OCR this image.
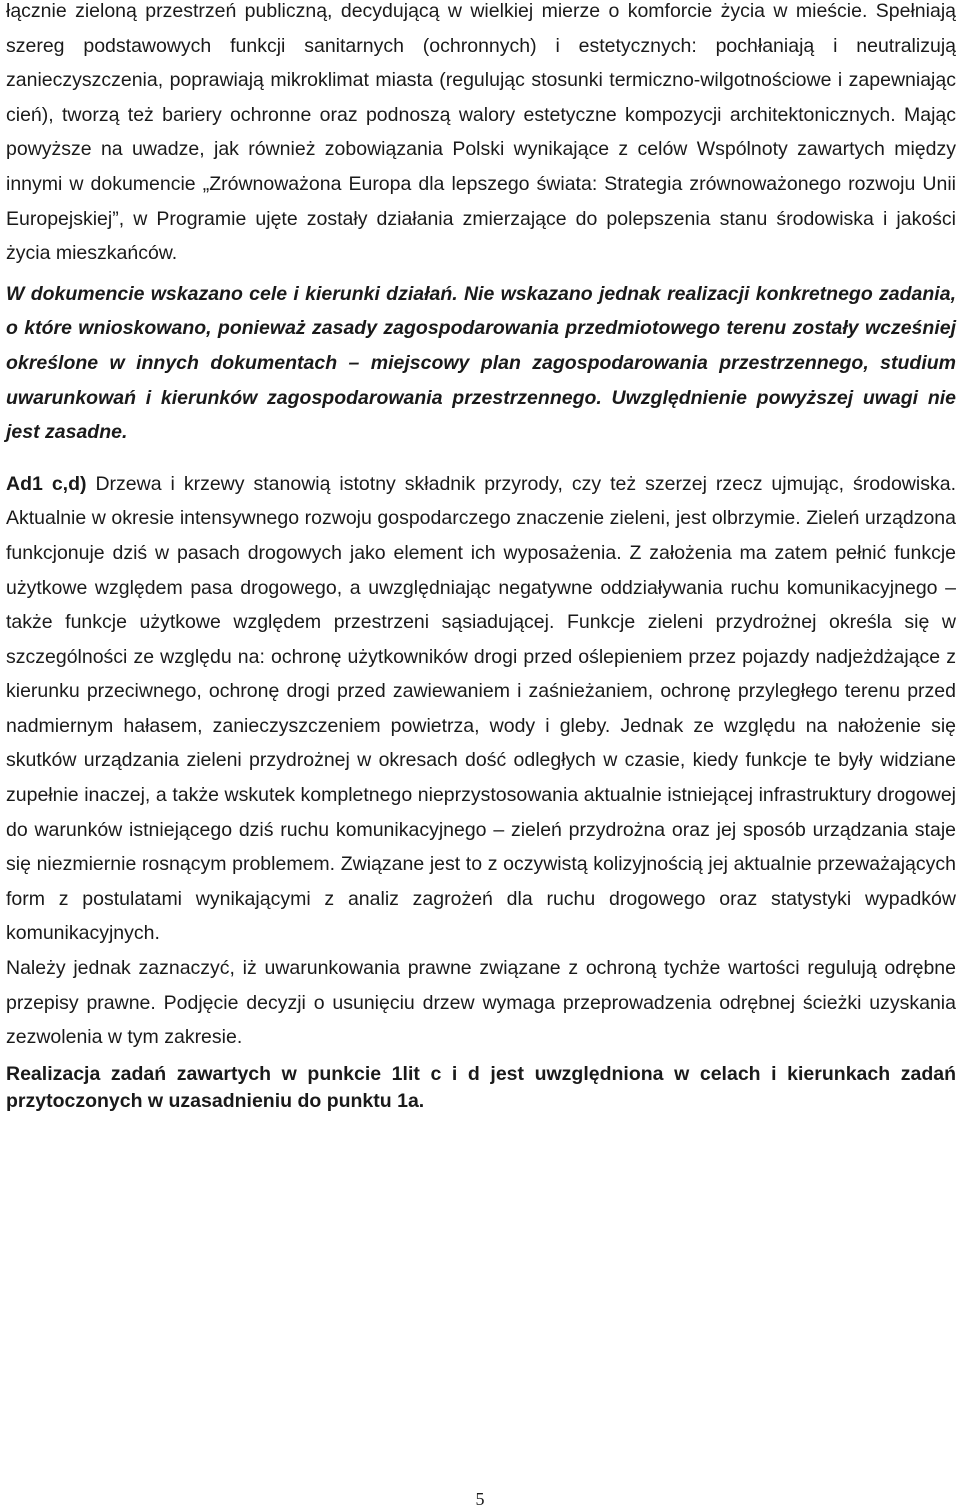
łącznie zieloną przestrzeń publiczną, decydującą w wielkiej mierze o komforcie życia w mieście. Spełniają szereg podstawowych funkcji sanitarnych (ochronnych) i estetycznych: pochłaniają i neutralizują zanieczyszczenia, poprawiają mikroklimat miasta (regulując stosunki termiczno-wilgotnościowe i zapewniając cień), tworzą też bariery ochronne oraz podnoszą walory estetyczne kompozycji architektonicznych. Mając powyższe na uwadze, jak również zobowiązania Polski wynikające z celów Wspólnoty zawartych między innymi w dokumencie „Zrównoważona Europa dla lepszego świata: Strategia zrównoważonego rozwoju Unii Europejskiej”, w Programie ujęte zostały działania zmierzające do polepszenia stanu środowiska i jakości życia mieszkańców.

W dokumencie wskazano cele i kierunki działań. Nie wskazano jednak realizacji konkretnego zadania, o które wnioskowano, ponieważ zasady zagospodarowania przedmiotowego terenu zostały wcześniej określone w innych dokumentach – miejscowy plan zagospodarowania przestrzennego, studium uwarunkowań i kierunków zagospodarowania przestrzennego. Uwzględnienie powyższej uwagi nie jest zasadne.

Ad1 c,d) Drzewa i krzewy stanowią istotny składnik przyrody, czy też szerzej rzecz ujmując, środowiska. Aktualnie w okresie intensywnego rozwoju gospodarczego znaczenie zieleni, jest olbrzymie. Zieleń urządzona funkcjonuje dziś w pasach drogowych jako element ich wyposażenia. Z założenia ma zatem pełnić funkcje użytkowe względem pasa drogowego, a uwzględniając negatywne oddziaływania ruchu komunikacyjnego – także funkcje użytkowe względem przestrzeni sąsiadującej. Funkcje zieleni przydrożnej określa się w szczególności ze względu na: ochronę użytkowników drogi przed oślepieniem przez pojazdy nadjeżdżające z kierunku przeciwnego, ochronę drogi przed zawiewaniem i zaśnieżaniem, ochronę przyległego terenu przed nadmiernym hałasem, zanieczyszczeniem powietrza, wody i gleby. Jednak ze względu na nałożenie się skutków urządzania zieleni przydrożnej w okresach dość odległych w czasie, kiedy funkcje te były widziane zupełnie inaczej, a także wskutek kompletnego nieprzystosowania aktualnie istniejącej infrastruktury drogowej do warunków istniejącego dziś ruchu komunikacyjnego – zieleń przydrożna oraz jej sposób urządzania staje się niezmiernie rosnącym problemem. Związane jest to z oczywistą kolizyjnością jej aktualnie przeważających form z postulatami wynikającymi z analiz zagrożeń dla ruchu drogowego oraz statystyki wypadków komunikacyjnych.

Należy jednak zaznaczyć, iż uwarunkowania prawne związane z ochroną tychże wartości regulują odrębne przepisy prawne. Podjęcie decyzji o usunięciu drzew wymaga przeprowadzenia odrębnej ścieżki uzyskania zezwolenia w tym zakresie.

Realizacja zadań zawartych w punkcie 1lit c i d jest uwzględniona w celach i kierunkach zadań przytoczonych w uzasadnieniu do punktu 1a.

5
